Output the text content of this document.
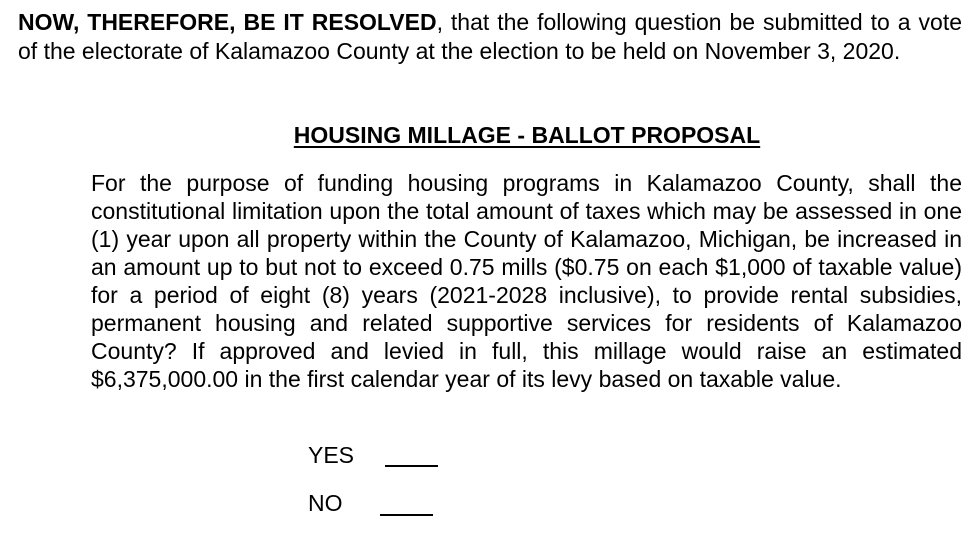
NOW, THEREFORE, BE IT RESOLVED, that the following question be submitted to a vote of the electorate of Kalamazoo County at the election to be held on November 3, 2020.

HOUSING MILLAGE - BALLOT PROPOSAL

For the purpose of funding housing programs in Kalamazoo County, shall the constitutional limitation upon the total amount of taxes which may be assessed in one (1) year upon all property within the County of Kalamazoo, Michigan, be increased in an amount up to but not to exceed 0.75 mills ($0.75 on each $1,000 of taxable value) for a period of eight (8) years (2021-2028 inclusive), to provide rental subsidies, permanent housing and related supportive services for residents of Kalamazoo County? If approved and levied in full, this millage would raise an estimated $6,375,000.00 in the first calendar year of its levy based on taxable value.

YES
NO
